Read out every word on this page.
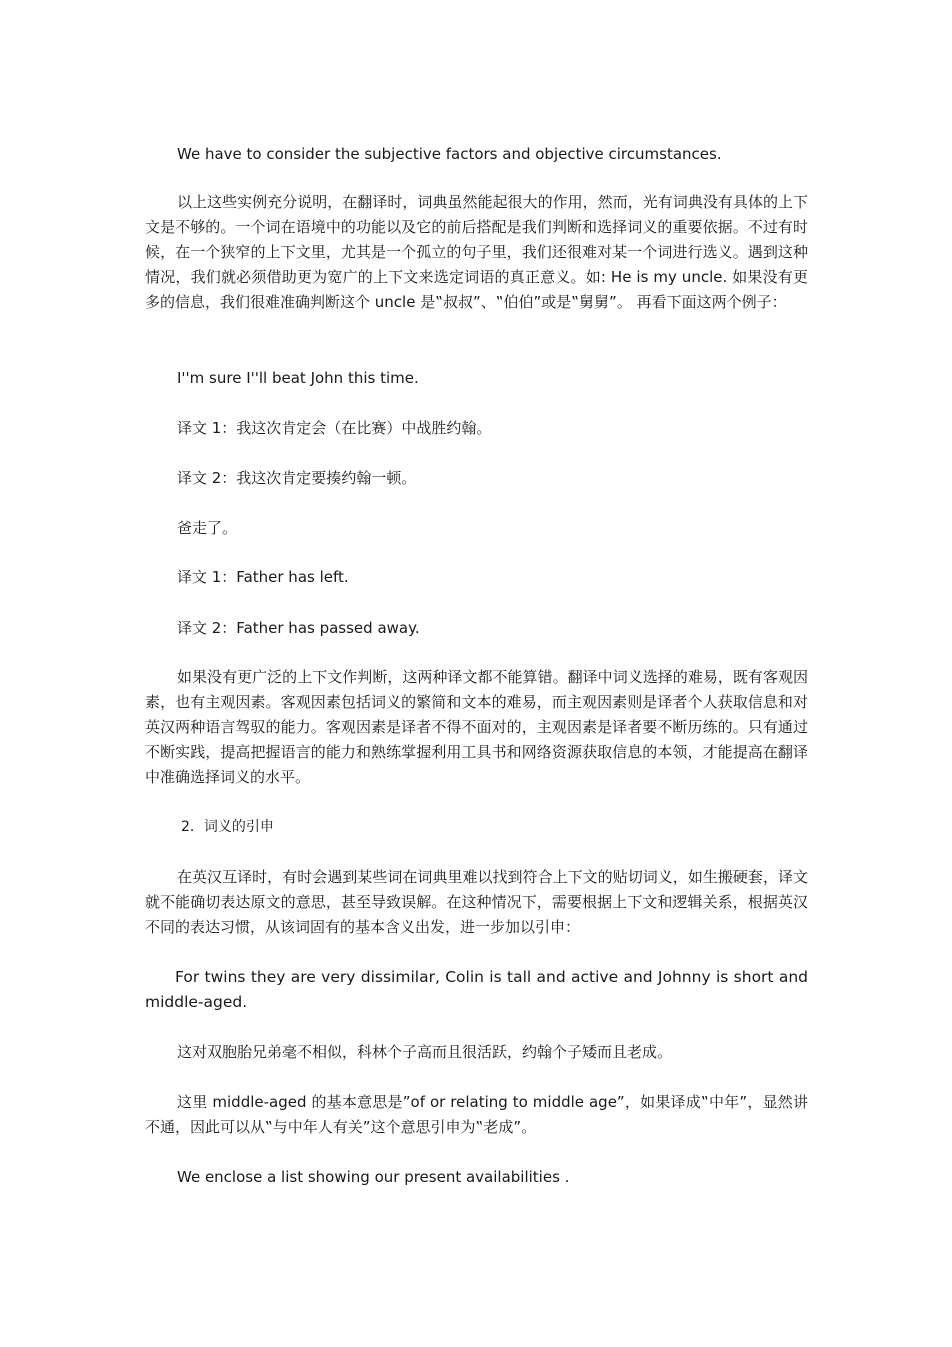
We have to consider the subjective factors and objective circumstances.

以上这些实例充分说明，在翻译时，词典虽然能起很大的作用，然而，光有词典没有具体的上下文是不够的。一个词在语境中的功能以及它的前后搭配是我们判断和选择词义的重要依据。不过有时候，在一个狭窄的上下文里，尤其是一个孤立的句子里，我们还很难对某一个词进行选义。遇到这种情况，我们就必须借助更为宽广的上下文来选定词语的真正意义。如: He is my uncle. 如果没有更多的信息，我们很难准确判断这个 uncle 是‟叔叔”、‟伯伯”或是‟舅舅”。 再看下面这两个例子：

I''m sure I''ll beat John this time.

译文 1：我这次肯定会（在比赛）中战胜约翰。

译文 2：我这次肯定要揍约翰一顿。

爸走了。

译文 1：Father has left.

译文 2：Father has passed away.

如果没有更广泛的上下文作判断，这两种译文都不能算错。翻译中词义选择的难易，既有客观因素，也有主观因素。客观因素包括词义的繁简和文本的难易，而主观因素则是译者个人获取信息和对英汉两种语言驾驭的能力。客观因素是译者不得不面对的，主观因素是译者要不断历练的。只有通过不断实践，提高把握语言的能力和熟练掌握利用工具书和网络资源获取信息的本领，才能提高在翻译中准确选择词义的水平。

2．词义的引申

在英汉互译时，有时会遇到某些词在词典里难以找到符合上下文的贴切词义，如生搬硬套，译文就不能确切表达原文的意思，甚至导致误解。在这种情况下，需要根据上下文和逻辑关系，根据英汉不同的表达习惯，从该词固有的基本含义出发，进一步加以引申：

For twins they are very dissimilar, Colin is tall and active and Johnny is short and middle-aged.

这对双胞胎兄弟毫不相似，科林个子高而且很活跃，约翰个子矮而且老成。

这里 middle-aged 的基本意思是”of or relating to middle age”，如果译成‟中年”，显然讲不通，因此可以从‟与中年人有关”这个意思引申为‟老成”。

We enclose a list showing our present availabilities .
